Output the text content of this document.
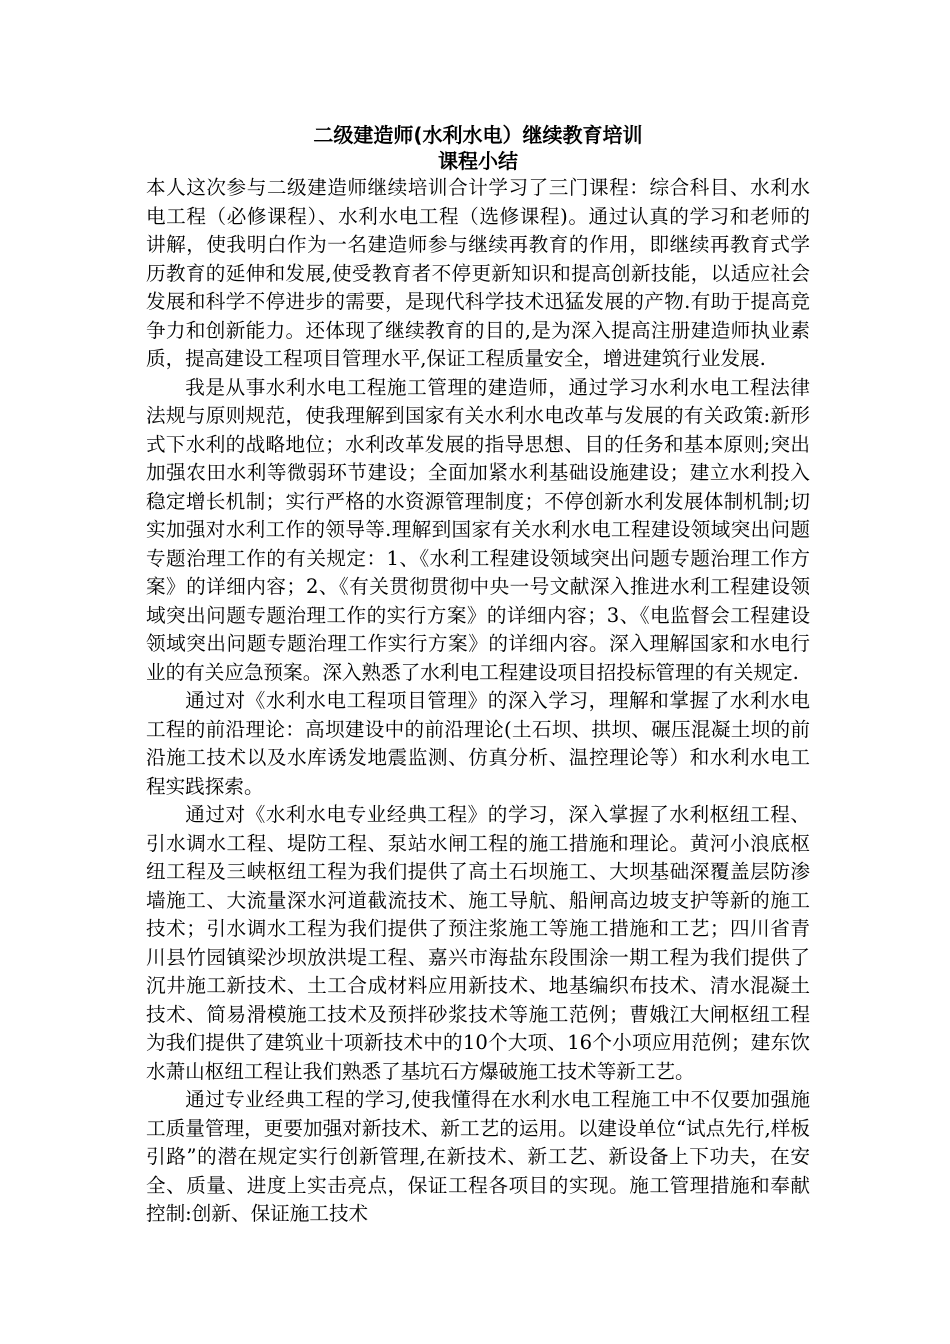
二级建造师(水利水电）继续教育培训
课程小结

本人这次参与二级建造师继续培训合计学习了三门课程：综合科目、水利水电工程（必修课程）、水利水电工程（选修课程)。通过认真的学习和老师的讲解，使我明白作为一名建造师参与继续再教育的作用，即继续再教育式学历教育的延伸和发展,使受教育者不停更新知识和提高创新技能，以适应社会发展和科学不停进步的需要，是现代科学技术迅猛发展的产物.有助于提高竞争力和创新能力。还体现了继续教育的目的,是为深入提高注册建造师执业素质，提高建设工程项目管理水平,保证工程质量安全，增进建筑行业发展.

我是从事水利水电工程施工管理的建造师，通过学习水利水电工程法律法规与原则规范，使我理解到国家有关水利水电改革与发展的有关政策:新形式下水利的战略地位；水利改革发展的指导思想、目的任务和基本原则;突出加强农田水利等微弱环节建设；全面加紧水利基础设施建设；建立水利投入稳定增长机制；实行严格的水资源管理制度；不停创新水利发展体制机制;切实加强对水利工作的领导等.理解到国家有关水利水电工程建设领域突出问题专题治理工作的有关规定：1、《水利工程建设领域突出问题专题治理工作方案》的详细内容；2、《有关贯彻贯彻中央一号文献深入推进水利工程建设领域突出问题专题治理工作的实行方案》的详细内容；3、《电监督会工程建设领域突出问题专题治理工作实行方案》的详细内容。深入理解国家和水电行业的有关应急预案。深入熟悉了水利电工程建设项目招投标管理的有关规定.

通过对《水利水电工程项目管理》的深入学习，理解和掌握了水利水电工程的前沿理论：高坝建设中的前沿理论(土石坝、拱坝、碾压混凝土坝的前沿施工技术以及水库诱发地震监测、仿真分析、温控理论等）和水利水电工程实践探索。

通过对《水利水电专业经典工程》的学习，深入掌握了水利枢纽工程、引水调水工程、堤防工程、泵站水闸工程的施工措施和理论。黄河小浪底枢纽工程及三峡枢纽工程为我们提供了高土石坝施工、大坝基础深覆盖层防渗墙施工、大流量深水河道截流技术、施工导航、船闸高边坡支护等新的施工技术；引水调水工程为我们提供了预注浆施工等施工措施和工艺；四川省青川县竹园镇梁沙坝放洪堤工程、嘉兴市海盐东段围涂一期工程为我们提供了沉井施工新技术、土工合成材料应用新技术、地基编织布技术、清水混凝土技术、简易滑模施工技术及预拌砂浆技术等施工范例；曹娥江大闸枢纽工程为我们提供了建筑业十项新技术中的10个大项、16个小项应用范例；建东饮水萧山枢纽工程让我们熟悉了基坑石方爆破施工技术等新工艺。

通过专业经典工程的学习,使我懂得在水利水电工程施工中不仅要加强施工质量管理，更要加强对新技术、新工艺的运用。以建设单位“试点先行,样板引路”的潜在规定实行创新管理,在新技术、新工艺、新设备上下功夫，在安全、质量、进度上实击亮点，保证工程各项目的实现。施工管理措施和奉献控制:创新、保证施工技术
